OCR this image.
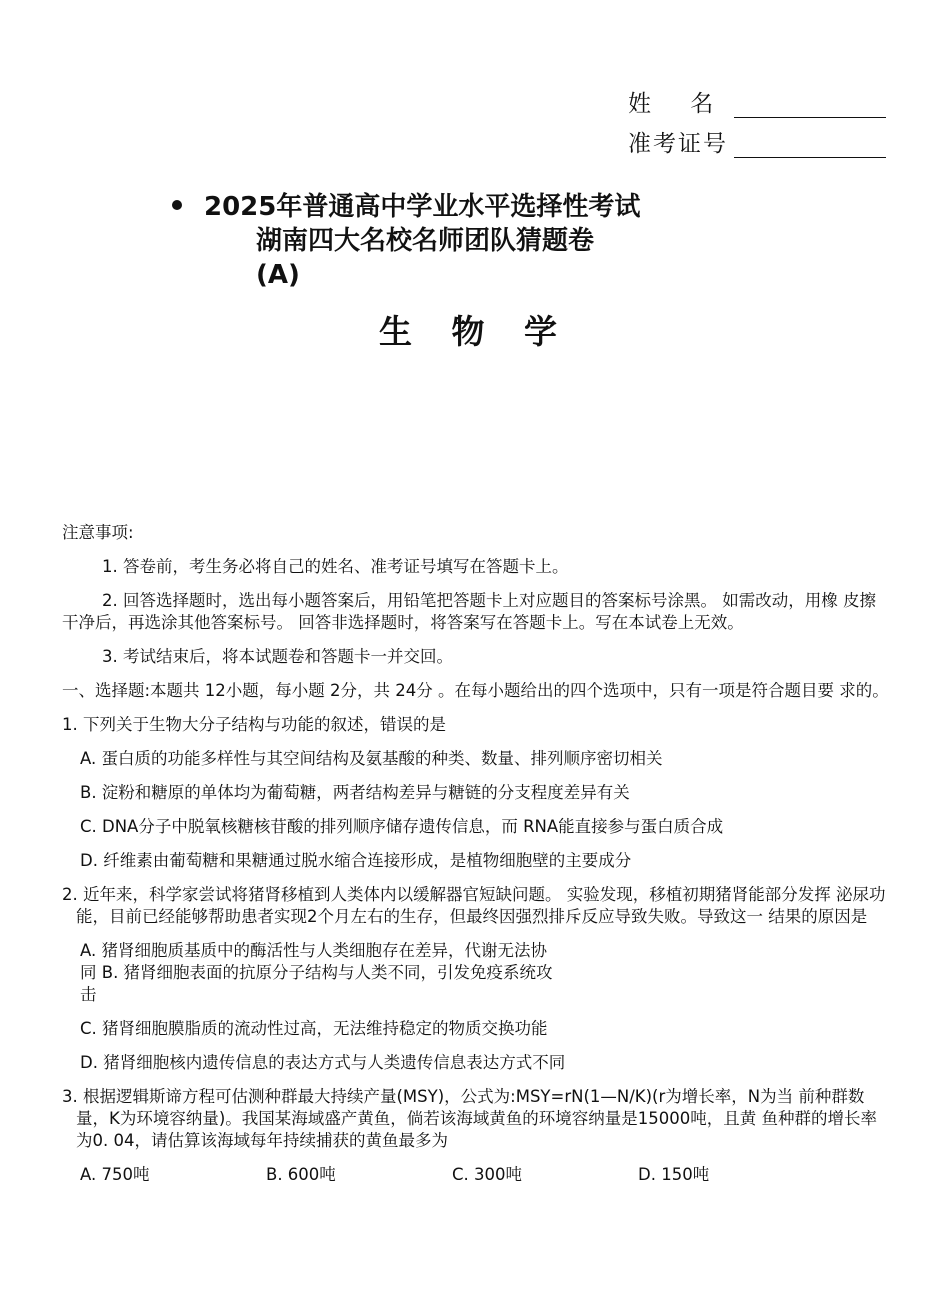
姓    名
准考证号
2025年普通高中学业水平选择性考试
湖南四大名校名师团队猜题卷
(A)
生 物 学
注意事项:
1. 答卷前，考生务必将自己的姓名、准考证号填写在答题卡上。
2. 回答选择题时，选出每小题答案后，用铅笔把答题卡上对应题目的答案标号涂黑。 如需改动，用橡 皮擦干净后，再选涂其他答案标号。 回答非选择题时，将答案写在答题卡上。写在本试卷上无效。
3. 考试结束后，将本试题卷和答题卡一并交回。
一、选择题:本题共 12小题，每小题 2分，共 24分 。在每小题给出的四个选项中，只有一项是符合题目要 求的。
1. 下列关于生物大分子结构与功能的叙述，错误的是
A. 蛋白质的功能多样性与其空间结构及氨基酸的种类、数量、排列顺序密切相关
B. 淀粉和糖原的单体均为葡萄糖，两者结构差异与糖链的分支程度差异有关
C. DNA分子中脱氧核糖核苷酸的排列顺序储存遗传信息，而 RNA能直接参与蛋白质合成
D. 纤维素由葡萄糖和果糖通过脱水缩合连接形成，是植物细胞壁的主要成分
2. 近年来，科学家尝试将猪肾移植到人类体内以缓解器官短缺问题。 实验发现，移植初期猪肾能部分发挥 泌尿功能，目前已经能够帮助患者实现2个月左右的生存，但最终因强烈排斥反应导致失败。导致这一 结果的原因是
A. 猪肾细胞质基质中的酶活性与人类细胞存在差异，代谢无法协
同 B. 猪肾细胞表面的抗原分子结构与人类不同，引发免疫系统攻
击
C. 猪肾细胞膜脂质的流动性过高，无法维持稳定的物质交换功能
D. 猪肾细胞核内遗传信息的表达方式与人类遗传信息表达方式不同
3. 根据逻辑斯谛方程可估测种群最大持续产量(MSY)，公式为:MSY=rN(1—N/K)(r为增长率，N为当 前种群数量，K为环境容纳量)。我国某海域盛产黄鱼，倘若该海域黄鱼的环境容纳量是15000吨，且黄 鱼种群的增长率为0. 04，请估算该海域每年持续捕获的黄鱼最多为
A. 750吨	B. 600吨	C. 300吨	D. 150吨
